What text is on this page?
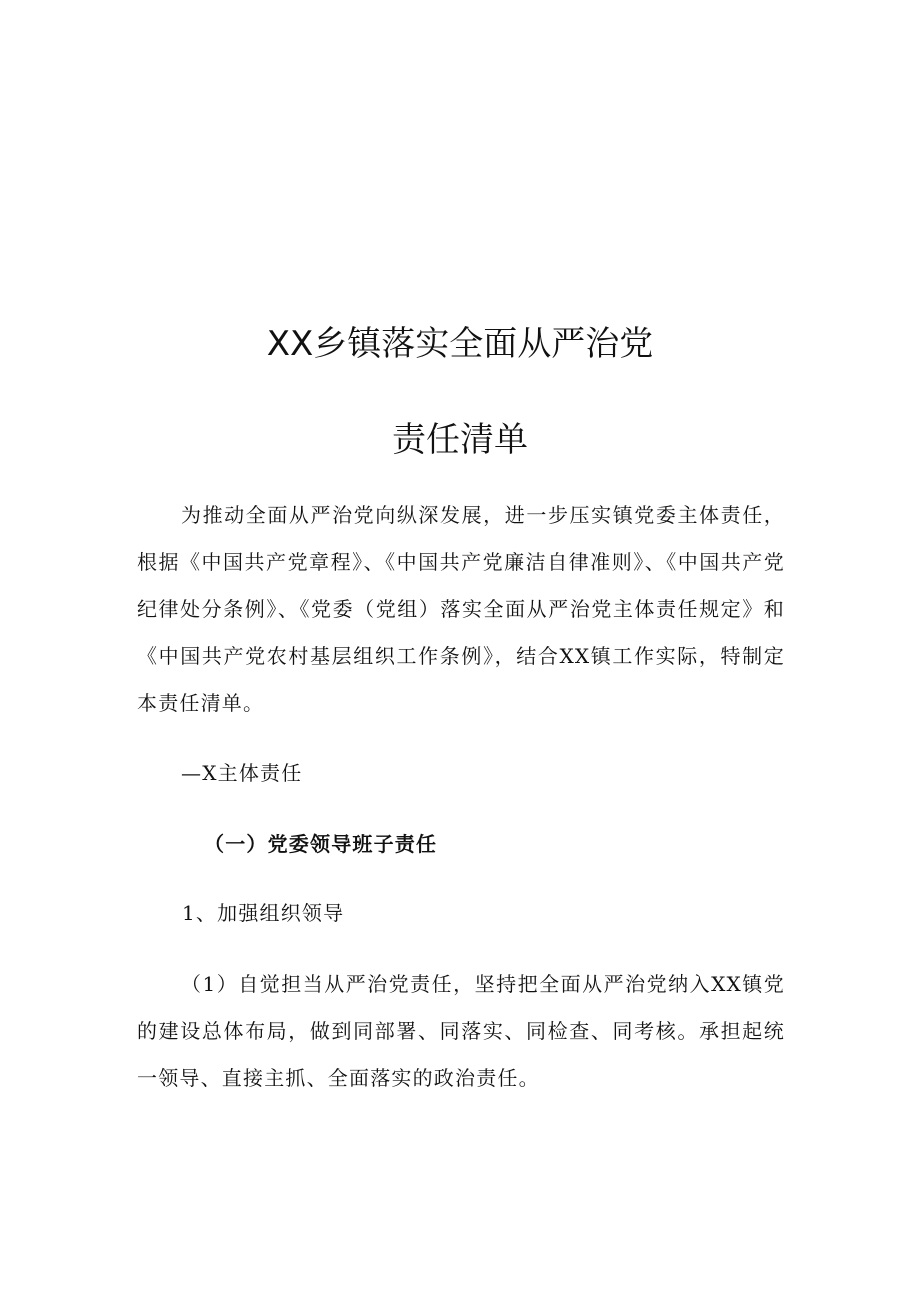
XX乡镇落实全面从严治党
责任清单
为推动全面从严治党向纵深发展，进一步压实镇党委主体责任，根据《中国共产党章程》、《中国共产党廉洁自律准则》、《中国共产党纪律处分条例》、《党委（党组）落实全面从严治党主体责任规定》和《中国共产党农村基层组织工作条例》，结合XX镇工作实际，特制定本责任清单。
—X主体责任
（一）党委领导班子责任
1、加强组织领导
（1）自觉担当从严治党责任，坚持把全面从严治党纳入XX镇党的建设总体布局，做到同部署、同落实、同检查、同考核。承担起统一领导、直接主抓、全面落实的政治责任。
